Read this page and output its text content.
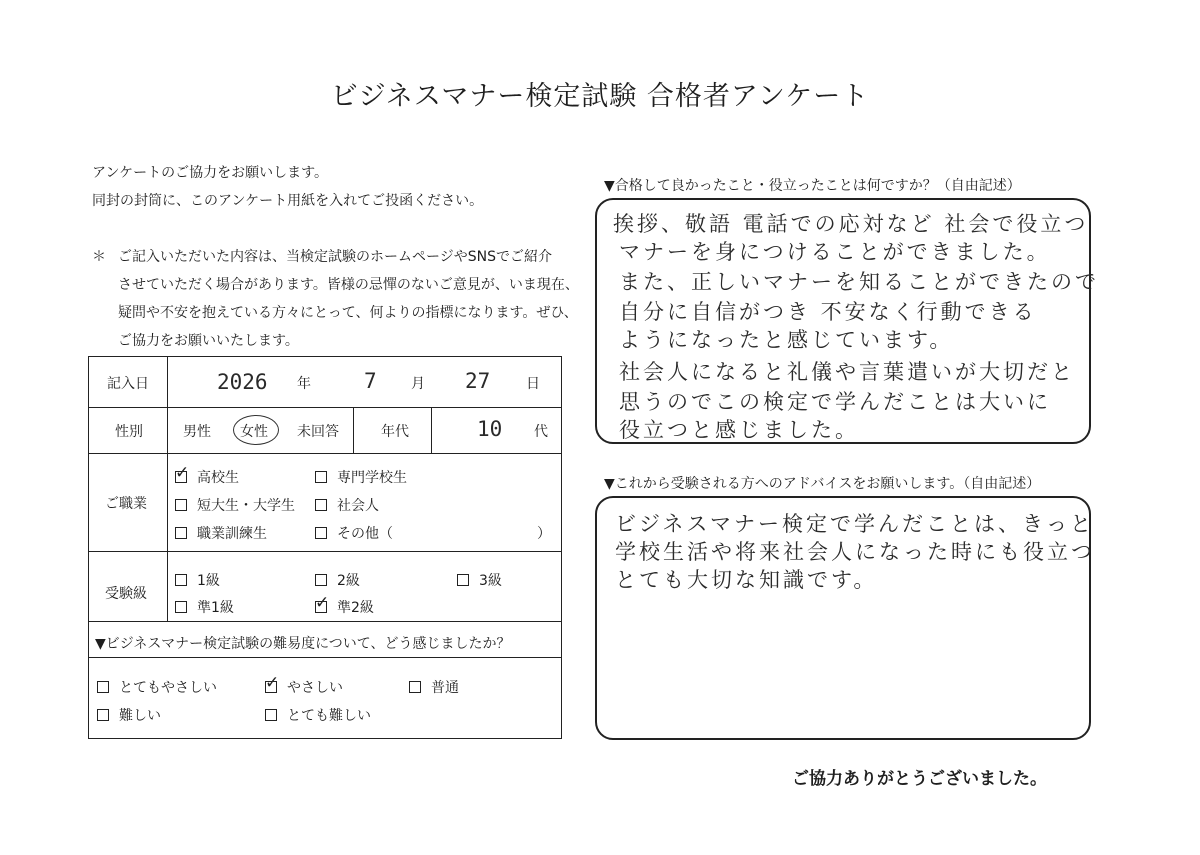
ビジネスマナー検定試験 合格者アンケート
アンケートのご協力をお願いします。
同封の封筒に、このアンケート用紙を入れてご投函ください。
＊ ご記入いただいた内容は、当検定試験のホームページやSNSでご紹介
させていただく場合があります。皆様の忌憚のないご意見が、いま現在、
疑問や不安を抱えている方々にとって、何よりの指標になります。ぜひ、
ご協力をお願いいたします。
記入日	2026 年	7 月 27	日
性別	男性 女性 未回答	年代	10 代
ご職業
✓ 高校生	専門学校生
短大生・大学生	社会人
職業訓練生	その他（	）
受験級
1級	2級	3級
準1級	✓ 準2級
▼ビジネスマナー検定試験の難易度について、どう感じましたか？
とてもやさしい	✓ やさしい	普通
難しい	とても難しい
▼合格して良かったこと・役立ったことは何ですか？（自由記述）
挨拶、敬語 電話での応対など 社会で役立つ
マナーを身につけることができました。
また、正しいマナーを知ることができたので
自分に自信がつき 不安なく行動できる
ようになったと感じています。
社会人になると礼儀や言葉遣いが大切だと
思うのでこの検定で学んだことは大いに
役立つと感じました。
▼これから受験される方へのアドバイスをお願いします。（自由記述）
ビジネスマナー検定で学んだことは、きっと
学校生活や将来社会人になった時にも役立つ
とても大切な知識です。
ご協力ありがとうございました。
